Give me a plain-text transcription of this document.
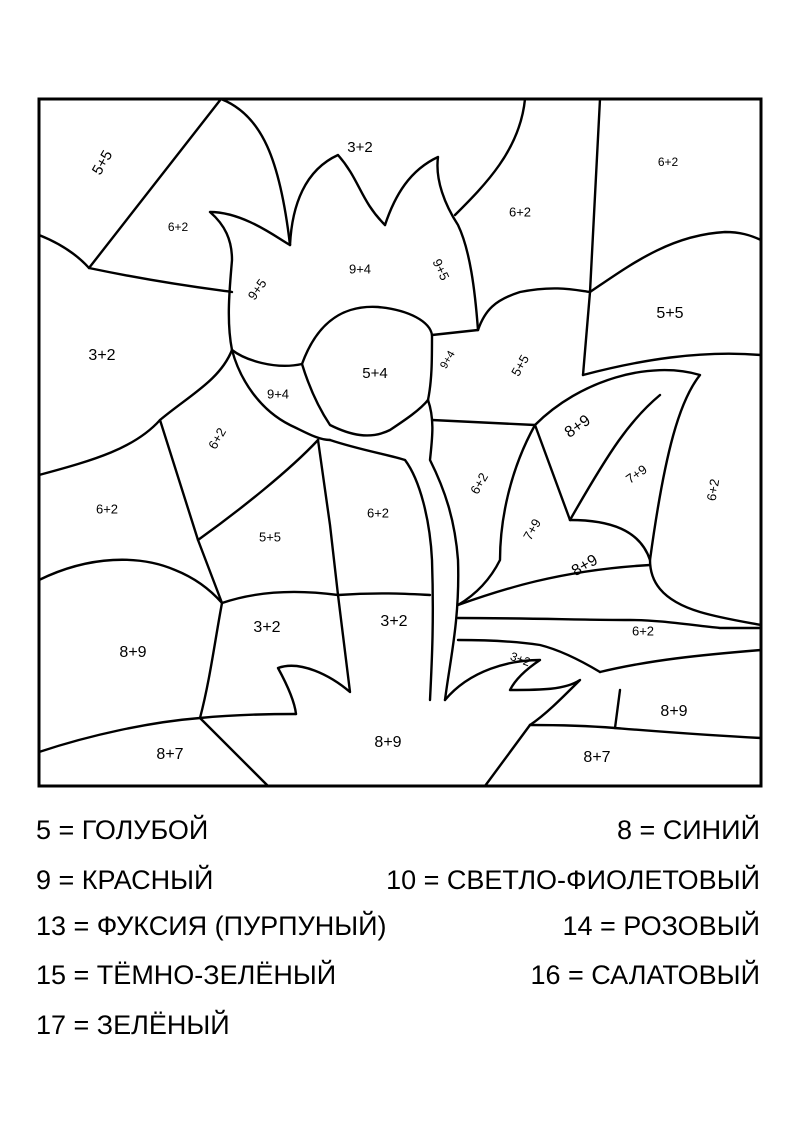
5+5	3+2
6+2
6+2
9+4
9+5
9+5
6+2
3+2
5+4
9+4
5+5
5+5
9+4
6+2	8+9
7+9
6+2
6+2	6+2
6+2
5+5	7+9
8+9
3+2	3+2
6+2
3+2
8+9
8+9
8+7
8+9
8+7
5 = ГОЛУБОЙ	8 = СИНИЙ
9 = КРАСНЫЙ	10 = СВЕТЛО-ФИОЛЕТОВЫЙ
13 = ФУКСИЯ (ПУРПУНЫЙ)	14 = РОЗОВЫЙ
15 = ТЁМНО-ЗЕЛЁНЫЙ	16 = САЛАТОВЫЙ
17 = ЗЕЛЁНЫЙ
